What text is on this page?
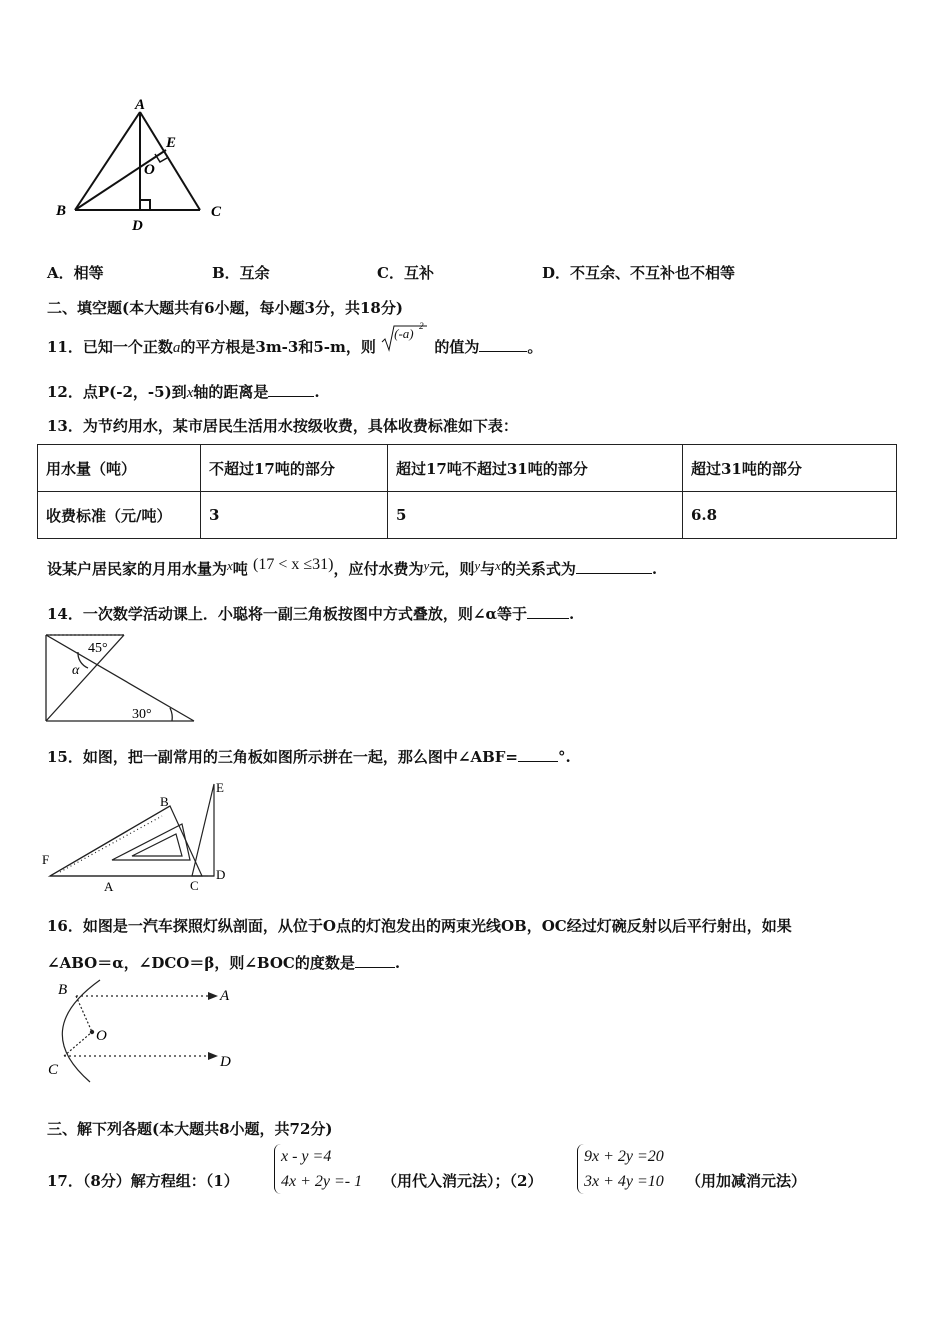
A
B	C
D
E
O
A．相等	B．互余	C．互补	D．不互余、不互补也不相等
二、填空题(本大题共有6小题，每小题3分，共18分)
11．已知一个正数a的平方根是3m-3和5-m，则
(-a) 2
的值为	。
12．点P(-2，-5)到x轴的距离是	.
13．为节约用水，某市居民生活用水按级收费，具体收费标准如下表：
用水量（吨）	不超过17吨的部分	超过17吨不超过31吨的部分	超过31吨的部分
收费标准（元/吨）	3	5	6.8
设某户居民家的月用水量为x吨 (17 < x ≤31)，应付水费为y元，则y与x的关系式为	.
14．一次数学活动课上．小聪将一副三角板按图中方式叠放，则∠α等于	.
45°
α
30°
15．如图，把一副常用的三角板如图所示拼在一起，那么图中∠ABF=	°.
B
E
F
A	C
D
16．如图是一汽车探照灯纵剖面，从位于O点的灯泡发出的两束光线OB，OC经过灯碗反射以后平行射出，如果
∠ABO＝α，∠DCO＝β，则∠BOC的度数是	.
B	A
O
C	D
三、解下列各题(本大题共8小题，共72分)
17．（8分）解方程组：（1）
x - y =4
4x + 2y =- 1 （用代入消元法）；（2）
9x + 2y =20
3x + 4y =10 （用加减消元法）
